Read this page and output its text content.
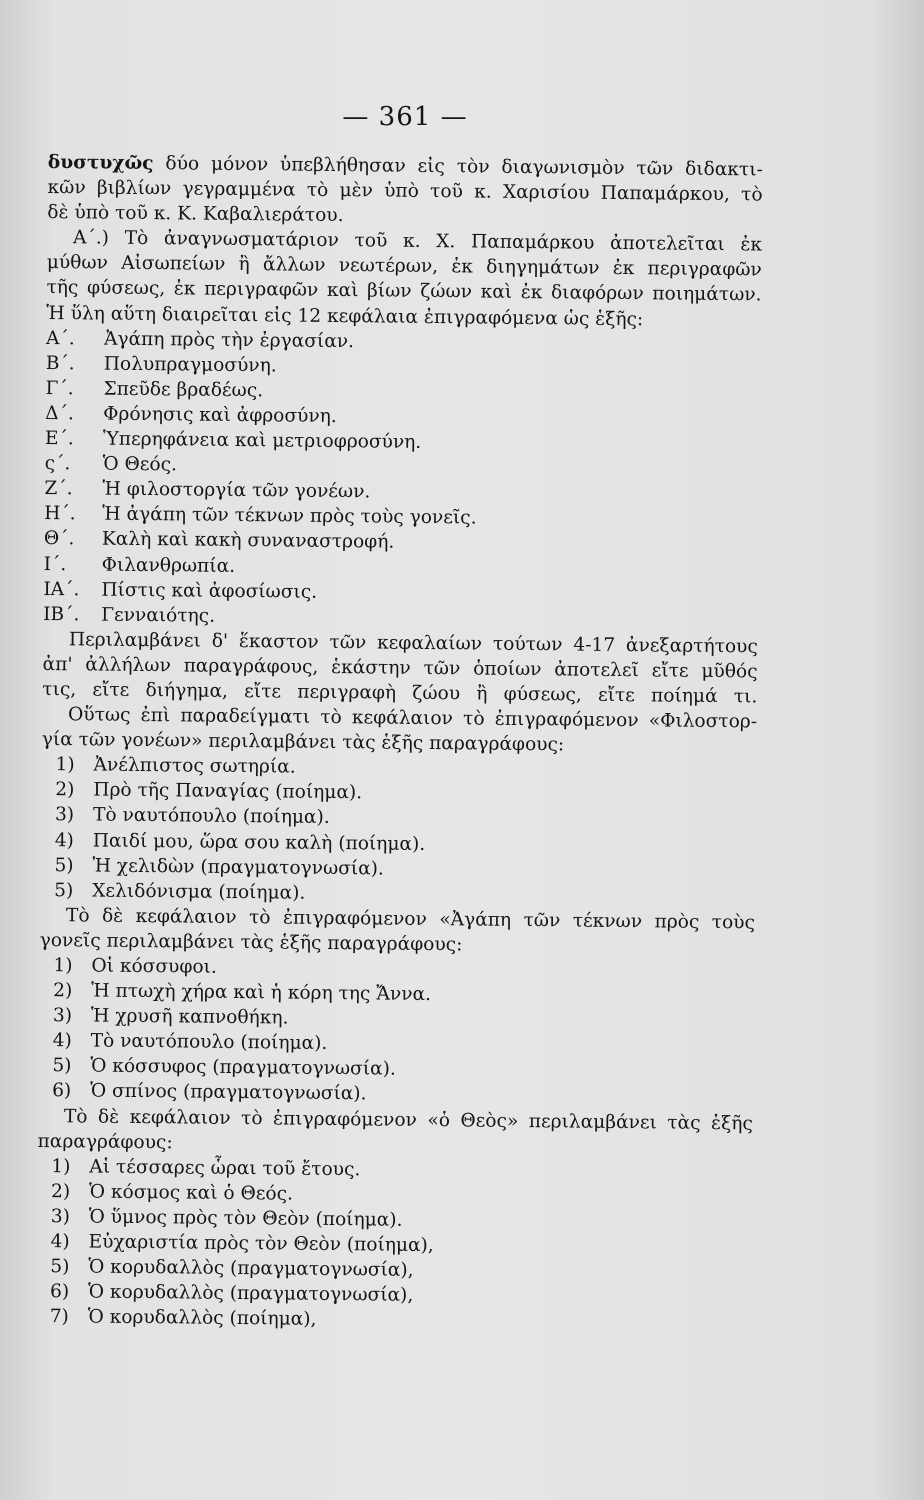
— 361 —
δυστυχῶς δύο μόνον ὑπεβλήθησαν εἰς τὸν διαγωνισμὸν τῶν διδακτι-
κῶν βιβλίων γεγραμμένα τὸ μὲν ὑπὸ τοῦ κ. Χαρισίου Παπαμάρκου, τὸ
δὲ ὑπὸ τοῦ κ. Κ. Καβαλιεράτου.
Α΄.) Τὸ ἀναγνωσματάριον τοῦ κ. Χ. Παπαμάρκου ἀποτελεῖται ἐκ
μύθων Αἰσωπείων ἢ ἄλλων νεωτέρων, ἐκ διηγημάτων ἐκ περιγραφῶν
τῆς φύσεως, ἐκ περιγραφῶν καὶ βίων ζώων καὶ ἐκ διαφόρων ποιημάτων.
Ἡ ὕλη αὕτη διαιρεῖται εἰς 12 κεφάλαια ἐπιγραφόμενα ὡς ἑξῆς:
Α΄.	Ἀγάπη πρὸς τὴν ἐργασίαν.
Β΄.	Πολυπραγμοσύνη.
Γ΄.	Σπεῦδε βραδέως.
Δ΄.	Φρόνησις καὶ ἀφροσύνη.
Ε΄.	Ὑπερηφάνεια καὶ μετριοφροσύνη.
ς΄.	Ὁ Θεός.
Ζ΄.	Ἡ φιλοστοργία τῶν γονέων.
Η΄.	Ἡ ἀγάπη τῶν τέκνων πρὸς τοὺς γονεῖς.
Θ΄.	Καλὴ καὶ κακὴ συναναστροφή.
Ι΄.	Φιλανθρωπία.
ΙΑ΄.	Πίστις καὶ ἀφοσίωσις.
ΙΒ΄.	Γενναιότης.
Περιλαμβάνει δ' ἕκαστον τῶν κεφαλαίων τούτων 4-17 ἀνεξαρτήτους
ἀπ' ἀλλήλων παραγράφους, ἑκάστην τῶν ὁποίων ἀποτελεῖ εἴτε μῦθός
τις, εἴτε διήγημα, εἴτε περιγραφὴ ζώου ἢ φύσεως, εἴτε ποίημά τι.
Οὕτως ἐπὶ παραδείγματι τὸ κεφάλαιον τὸ ἐπιγραφόμενον «Φιλοστορ-
γία τῶν γονέων» περιλαμβάνει τὰς ἑξῆς παραγράφους:
1)	Ἀνέλπιστος σωτηρία.
2)	Πρὸ τῆς Παναγίας (ποίημα).
3)	Τὸ ναυτόπουλο (ποίημα).
4)	Παιδί μου, ὥρα σου καλὴ (ποίημα).
5)	Ἡ χελιδὼν (πραγματογνωσία).
5)	Χελιδόνισμα (ποίημα).
Τὸ δὲ κεφάλαιον τὸ ἐπιγραφόμενον «Ἀγάπη τῶν τέκνων πρὸς τοὺς
γονεῖς περιλαμβάνει τὰς ἑξῆς παραγράφους:
1)	Οἱ κόσσυφοι.
2)	Ἡ πτωχὴ χήρα καὶ ἡ κόρη της Ἄννα.
3)	Ἡ χρυσῆ καπνοθήκη.
4)	Τὸ ναυτόπουλο (ποίημα).
5)	Ὁ κόσσυφος (πραγματογνωσία).
6)	Ὁ σπίνος (πραγματογνωσία).
Τὸ δὲ κεφάλαιον τὸ ἐπιγραφόμενον «ὁ Θεὸς» περιλαμβάνει τὰς ἑξῆς
παραγράφους:
1)	Αἱ τέσσαρες ὧραι τοῦ ἔτους.
2)	Ὁ κόσμος καὶ ὁ Θεός.
3)	Ὁ ὕμνος πρὸς τὸν Θεὸν (ποίημα).
4)	Εὐχαριστία πρὸς τὸν Θεὸν (ποίημα),
5)	Ὁ κορυδαλλὸς (πραγματογνωσία),
6)	Ὁ κορυδαλλὸς (πραγματογνωσία),
7)	Ὁ κορυδαλλὸς (ποίημα),
